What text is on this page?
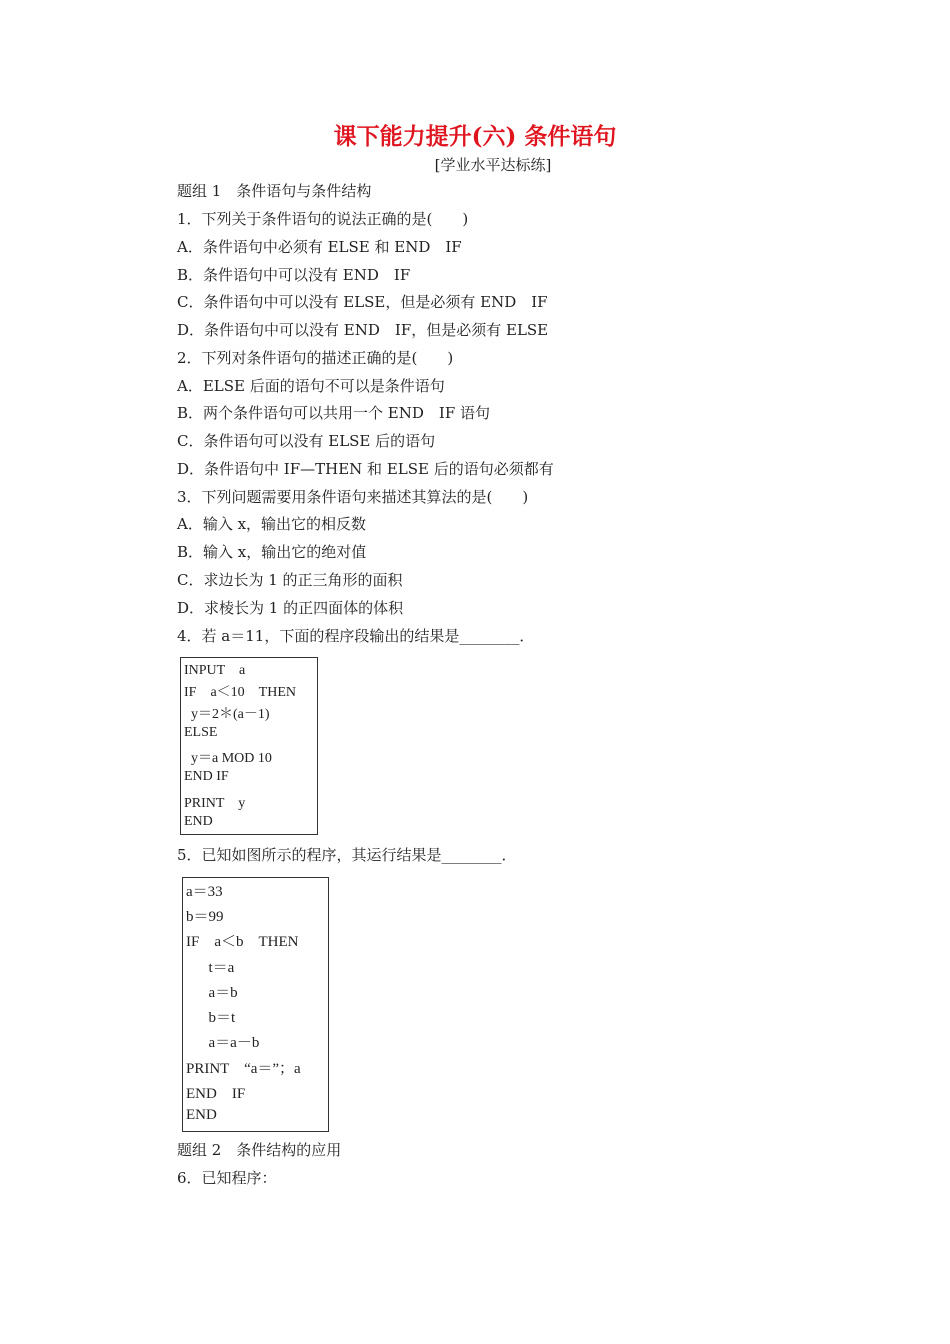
课下能力提升(六) 条件语句
[学业水平达标练]
题组 1　条件语句与条件结构
1．下列关于条件语句的说法正确的是(　　)
A．条件语句中必须有 ELSE 和 END　IF
B．条件语句中可以没有 END　IF
C．条件语句中可以没有 ELSE，但是必须有 END　IF
D．条件语句中可以没有 END　IF，但是必须有 ELSE
2．下列对条件语句的描述正确的是(　　)
A．ELSE 后面的语句不可以是条件语句
B．两个条件语句可以共用一个 END　IF 语句
C．条件语句可以没有 ELSE 后的语句
D．条件语句中 IF—THEN 和 ELSE 后的语句必须都有
3．下列问题需要用条件语句来描述其算法的是(　　)
A．输入 x，输出它的相反数
B．输入 x，输出它的绝对值
C．求边长为 1 的正三角形的面积
D．求棱长为 1 的正四面体的体积
4．若 a＝11，下面的程序段输出的结果是________．
INPUT　a
IF　a＜10　THEN
y＝2＊(a－1)
ELSE
y＝a MOD 10
END IF
PRINT　y
END
5．已知如图所示的程序，其运行结果是________．
a＝33
b＝99
IF　a＜b　THEN
t＝a
a＝b
b＝t
a＝a－b
PRINT　“a＝”；a
END　IF
END
题组 2　条件结构的应用
6．已知程序：
